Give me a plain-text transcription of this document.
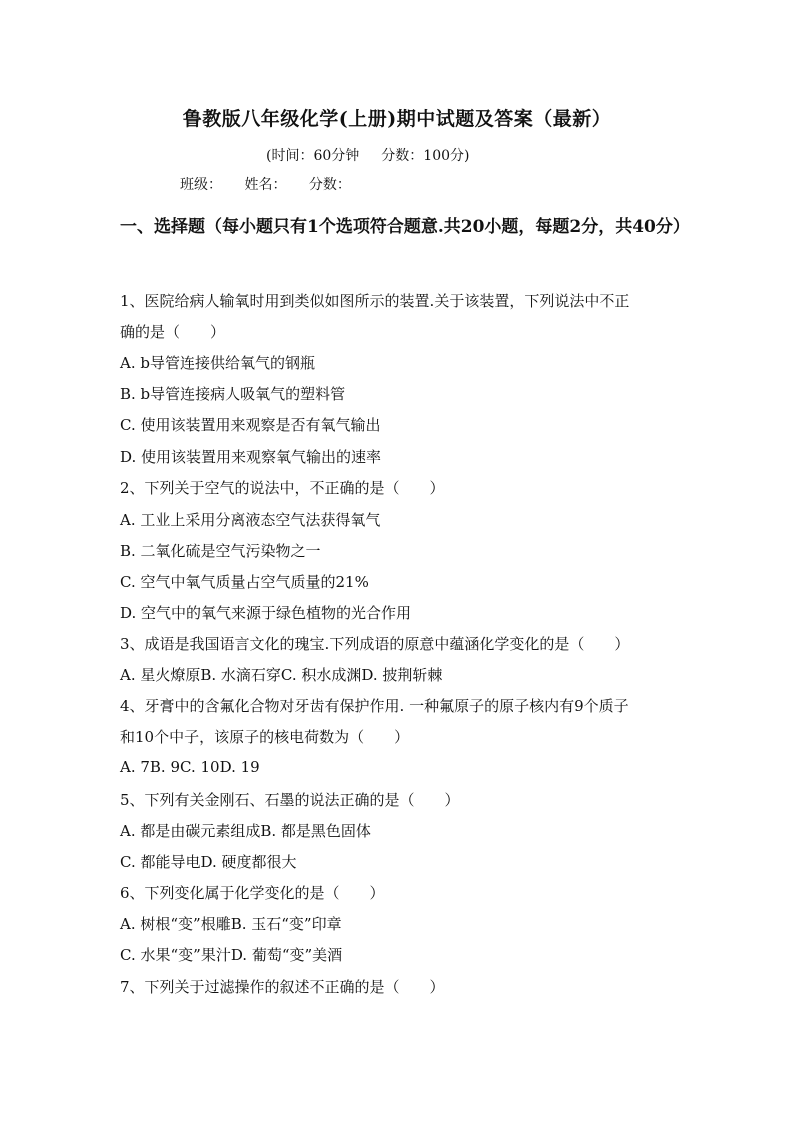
鲁教版八年级化学(上册)期中试题及答案（最新）
(时间：60分钟 分数：100分)
班级： 姓名： 分数：
一、选择题（每小题只有1个选项符合题意.共20小题，每题2分，共40分）
1、医院给病人输氧时用到类似如图所示的装置.关于该装置，下列说法中不正
确的是（　　）
A. b导管连接供给氧气的钢瓶
B. b导管连接病人吸氧气的塑料管
C. 使用该装置用来观察是否有氧气输出
D. 使用该装置用来观察氧气输出的速率
2、下列关于空气的说法中，不正确的是（　　）
A. 工业上采用分离液态空气法获得氧气
B. 二氧化硫是空气污染物之一
C. 空气中氧气质量占空气质量的21%
D. 空气中的氧气来源于绿色植物的光合作用
3、成语是我国语言文化的瑰宝.下列成语的原意中蕴涵化学变化的是（　　）
A. 星火燎原B. 水滴石穿C. 积水成渊D. 披荆斩棘
4、牙膏中的含氟化合物对牙齿有保护作用. 一种氟原子的原子核内有9个质子
和10个中子，该原子的核电荷数为（　　）
A. 7B. 9C. 10D. 19
5、下列有关金刚石、石墨的说法正确的是（　　）
A. 都是由碳元素组成B. 都是黑色固体
C. 都能导电D. 硬度都很大
6、下列变化属于化学变化的是（　　）
A. 树根“变”根雕B. 玉石“变”印章
C. 水果“变”果汁D. 葡萄“变”美酒
7、下列关于过滤操作的叙述不正确的是（　　）
